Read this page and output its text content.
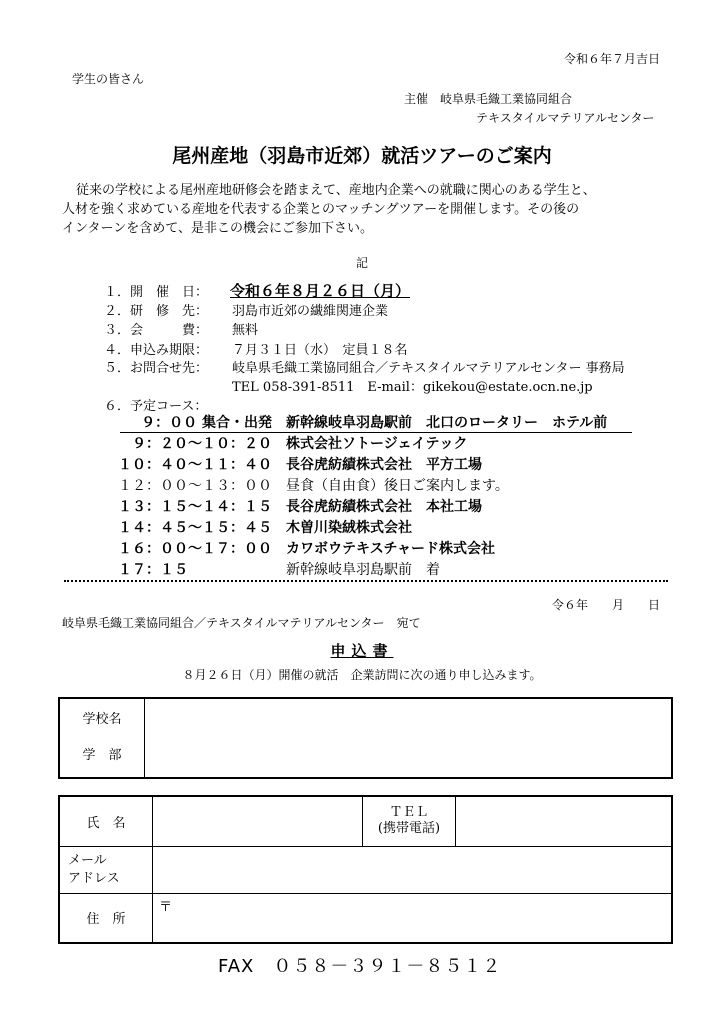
令和６年７月吉日
学生の皆さん
主催　岐阜県毛織工業協同組合
テキスタイルマテリアルセンター
尾州産地（羽島市近郊）就活ツアーのご案内
従来の学校による尾州産地研修会を踏まえて、産地内企業への就職に関心のある学生と、
人材を強く求めている産地を代表する企業とのマッチングツアーを開催します。その後の
インターンを含めて、是非この機会にご参加下さい。
記
１．開　催　日： 令和６年８月２６日（月）
２．研　修　先： 羽島市近郊の繊維関連企業
３．会　　　費： 無料
４．申込み期限： ７月３１日（水）　定員１８名
５．お問合せ先： 岐阜県毛織工業協同組合／テキスタイルマテリアルセンター 事務局
TEL 058-391-8511　E-mail：gikekou@estate.ocn.ne.jp
６．予定コース：
９：００ 集合・出発 新幹線岐阜羽島駅前　北口のロータリー　ホテル前
９：２０～１０：２０ 株式会社ソトージェイテック
１０：４０～１１：４０ 長谷虎紡績株式会社　平方工場
１２：００～１３：００ 昼食（自由食）後日ご案内します。
１３：１５～１４：１５ 長谷虎紡績株式会社　本社工場
１４：４５～１５：４５ 木曽川染絨株式会社
１６：００～１７：００ カワボウテキスチャード株式会社
１７：１５	新幹線岐阜羽島駅前　着
令６年　　月　　日
岐阜県毛織工業協同組合／テキスタイルマテリアルセンター　宛て
申込書
８月２６日（月）開催の就活　企業訪問に次の通り申し込みます。
学校名
学　部

氏　名		ＴＥＬ
(携帯電話)	

メール
アドレス			

住　所	〒		
FAX　０５８－３９１－８５１２
